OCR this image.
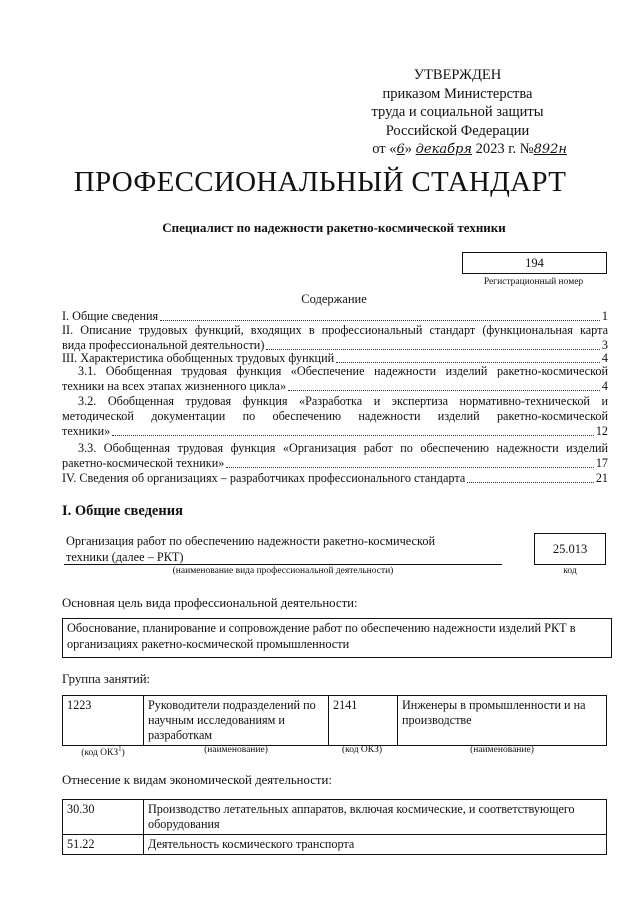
УТВЕРЖДЕН
приказом Министерства
труда и социальной защиты
Российской Федерации
от «6» декабря 2023 г. №892н
ПРОФЕССИОНАЛЬНЫЙ СТАНДАРТ
Специалист по надежности ракетно-космической техники
194
Регистрационный номер
Содержание
I. Общие сведения	1
II. Описание трудовых функций, входящих в профессиональный стандарт (функциональная карта
вида профессиональной деятельности)	3
III. Характеристика обобщенных трудовых функций	4
3.1. Обобщенная трудовая функция «Обеспечение надежности изделий ракетно-космической
техники на всех этапах жизненного цикла»	4
3.2. Обобщенная трудовая функция «Разработка и экспертиза нормативно-технической и
методической документации по обеспечению надежности изделий ракетно-космической
техники»	12
3.3. Обобщенная трудовая функция «Организация работ по обеспечению надежности изделий
ракетно-космической техники»	17
IV. Сведения об организациях – разработчиках профессионального стандарта	21
I. Общие сведения
Организация работ по обеспечению надежности ракетно-космической
техники (далее – РКТ)
(наименование вида профессиональной деятельности)
25.013
код
Основная цель вида профессиональной деятельности:
Обоснование, планирование и сопровождение работ по обеспечению надежности изделий РКТ в организациях ракетно-космической промышленности
Группа занятий:
1223	Руководители подразделений по научным исследованиям и разработкам	2141	Инженеры в промышленности и на производстве
(код ОКЗ$^1$)	(наименование)	(код ОКЗ)	(наименование)
Отнесение к видам экономической деятельности:
30.30	Производство летательных аппаратов, включая космические, и соответствующего оборудования
51.22	Деятельность космического транспорта
